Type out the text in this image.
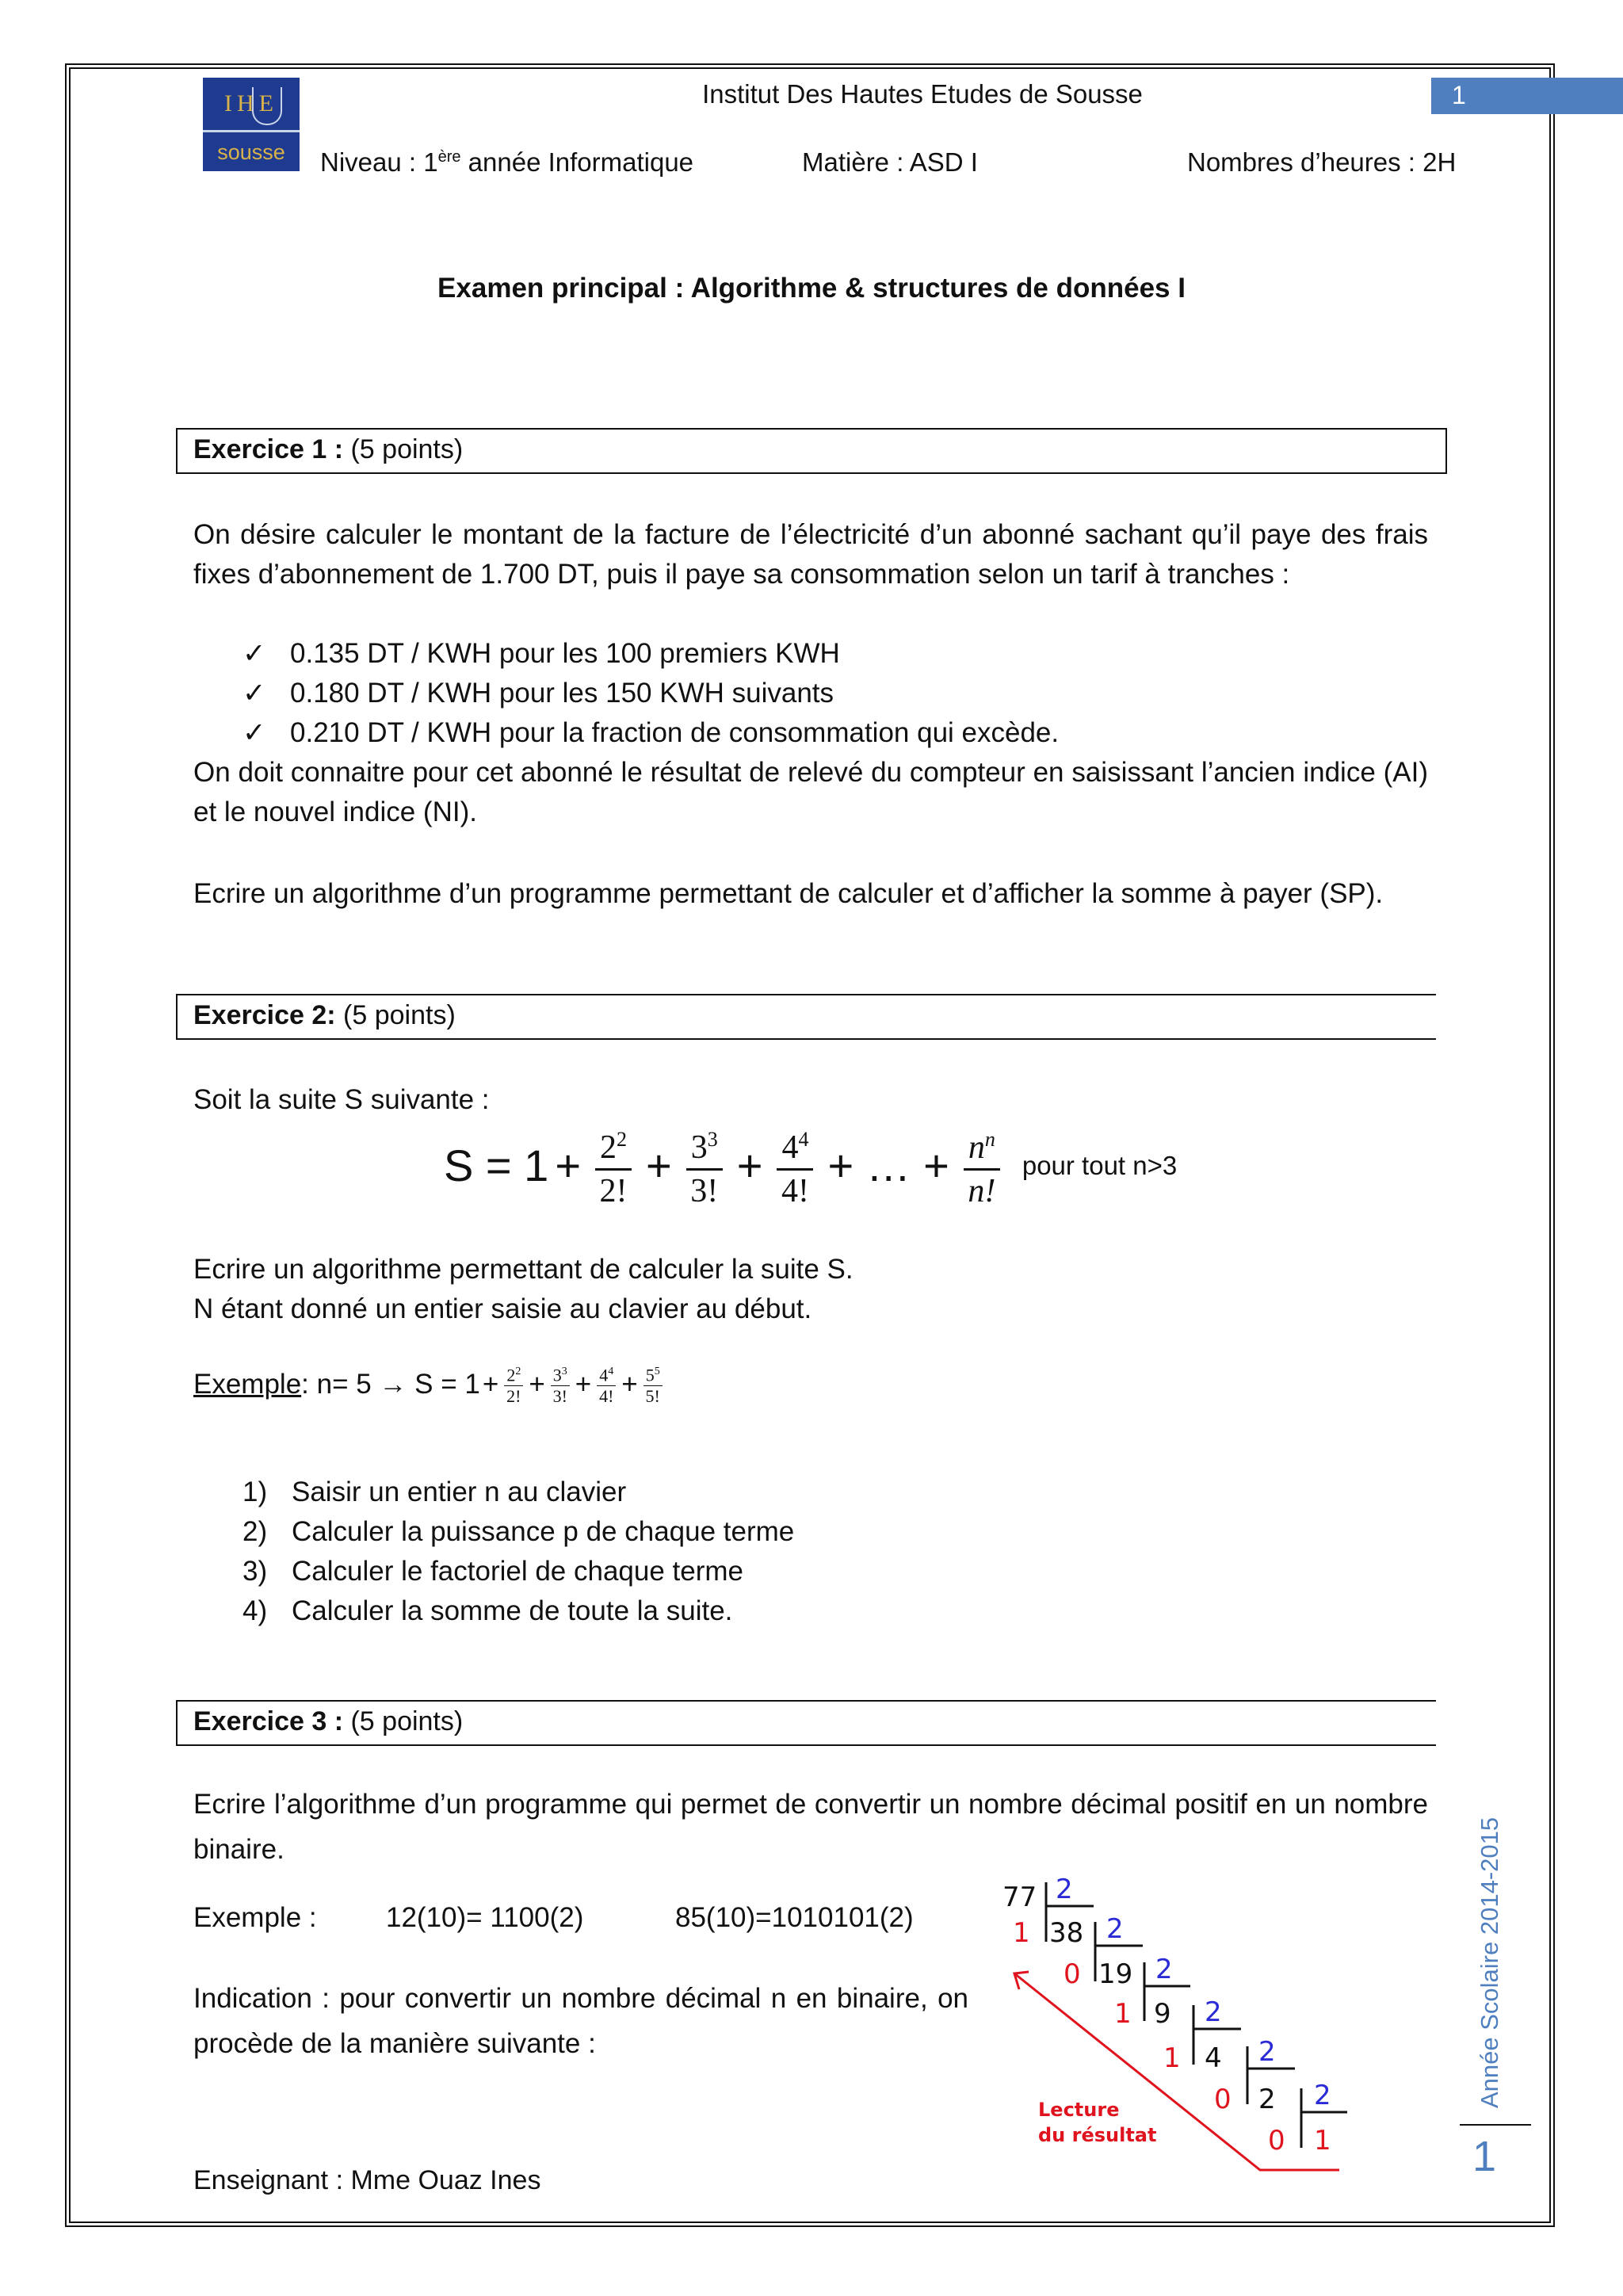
IHE
sousse
Institut Des Hautes Etudes de Sousse	1
Niveau : 1ère année Informatique	Matière : ASD I	Nombres d’heures : 2H
Examen principal : Algorithme & structures de données I
Exercice 1 : (5 points)
On désire calculer le montant de la facture de l’électricité d’un abonné sachant qu’il paye des frais fixes d’abonnement de 1.700 DT, puis il paye sa consommation selon un tarif à tranches :
✓ 0.135 DT / KWH pour les 100 premiers KWH
✓ 0.180 DT / KWH pour les 150 KWH suivants
✓ 0.210 DT / KWH pour la fraction de consommation qui excède.
On doit connaitre pour cet abonné le résultat de relevé du compteur en saisissant l’ancien indice (AI) et le nouvel indice (NI).
Ecrire un algorithme d’un programme permettant de calculer et d’afficher la somme à payer (SP).
Exercice 2: (5 points)
Soit la suite S suivante :
$S = 1 + \frac{2^2}{2!} + \frac{3^3}{3!} + \frac{4^4}{4!}$ + … + $\frac{n^n}{n!}$ pour tout n>3
Ecrire un algorithme permettant de calculer la suite S.
N étant donné un entier saisie au clavier au début.
Exemple : $n= 5 \to S = 1 + \frac{2^2}{2!} + \frac{3^3}{3!} + \frac{4^4}{4!} + \frac{5^5}{5!}$
1) Saisir un entier n au clavier
2) Calculer la puissance p de chaque terme
3) Calculer le factoriel de chaque terme
4) Calculer la somme de toute la suite.
Exercice 3 : (5 points)
Ecrire l’algorithme d’un programme qui permet de convertir un nombre décimal positif en un nombre binaire.
Exemple : 12(10)= 1100(2)	85(10)=1010101(2)
Indication : pour convertir un nombre décimal n en binaire, on procède de la manière suivante :
77 2
1 38 2
0 19 2
1 9 2
1 4 2
0 2 2
0 1
Lecture
du résultat
Enseignant : Mme Ouaz Ines
Année Scolaire 2014-2015
1
